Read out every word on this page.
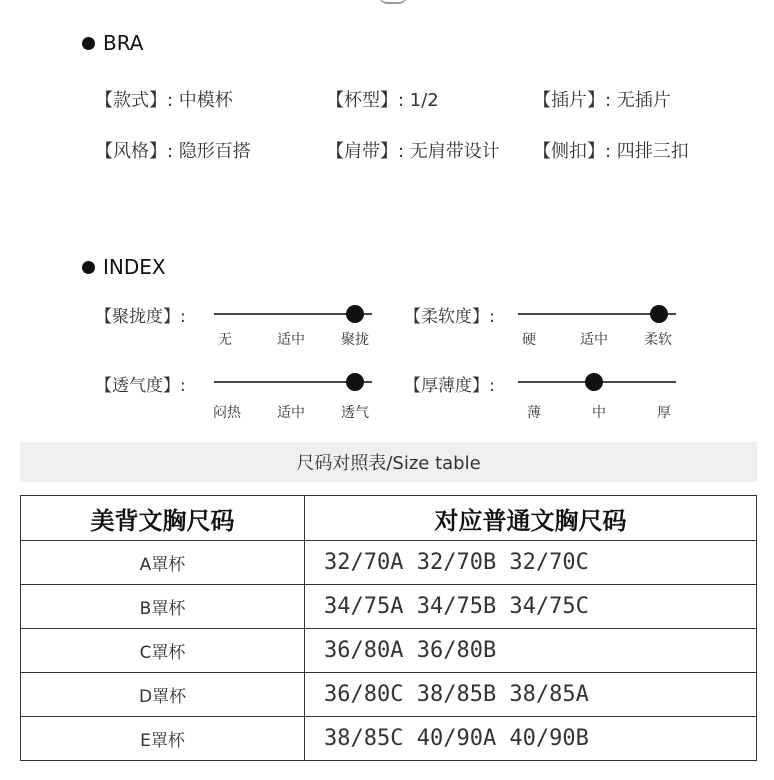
BRA
【款式】: 中模杯	【杯型】: 1/2	【插片】: 无插片
【风格】: 隐形百搭	【肩带】: 无肩带设计 【侧扣】: 四排三扣
INDEX
【聚拢度】:
无	适中	聚拢
【柔软度】:
硬	适中	柔软
【透气度】:
闷热	适中	透气
【厚薄度】:
薄	中	厚
尺码对照表/Size table
美背文胸尺码	对应普通文胸尺码
A罩杯	32/70A 32/70B 32/70C
B罩杯	34/75A 34/75B 34/75C
C罩杯	36/80A 36/80B
D罩杯	36/80C 38/85B 38/85A
E罩杯	38/85C 40/90A 40/90B
